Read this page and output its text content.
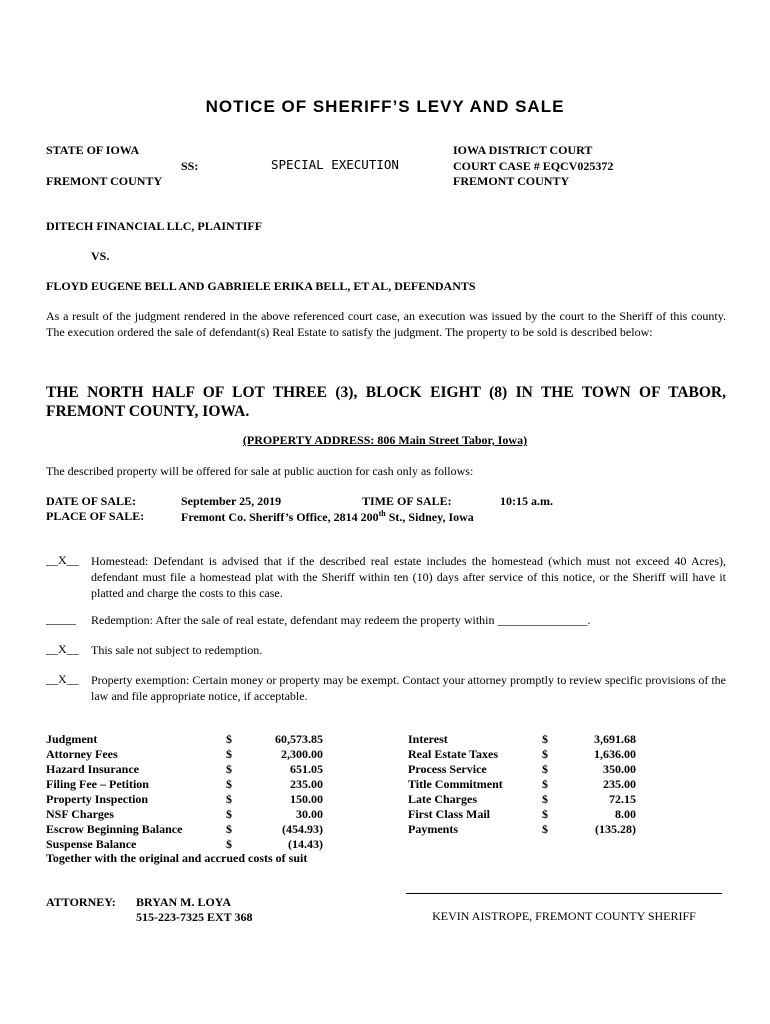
NOTICE OF SHERIFF’S LEVY AND SALE
STATE OF IOWA
SS:	SPECIAL EXECUTION
FREMONT COUNTY
IOWA DISTRICT COURT
COURT CASE # EQCV025372
FREMONT COUNTY
DITECH FINANCIAL LLC, PLAINTIFF
VS.
FLOYD EUGENE BELL AND GABRIELE ERIKA BELL, ET AL, DEFENDANTS
As a result of the judgment rendered in the above referenced court case, an execution was issued by the court to the Sheriff of this county. The execution ordered the sale of defendant(s) Real Estate to satisfy the judgment. The property to be sold is described below:
THE NORTH HALF OF LOT THREE (3), BLOCK EIGHT (8) IN THE TOWN OF TABOR, FREMONT COUNTY, IOWA.
(PROPERTY ADDRESS: 806 Main Street Tabor, Iowa)
The described property will be offered for sale at public auction for cash only as follows:
DATE OF SALE:	September 25, 2019	TIME OF SALE:	10:15 a.m.
PLACE OF SALE:	Fremont Co. Sheriff’s Office, 2814 200th St., Sidney, Iowa
__X__ Homestead: Defendant is advised that if the described real estate includes the homestead (which must not exceed 40 Acres), defendant must file a homestead plat with the Sheriff within ten (10) days after service of this notice, or the Sheriff will have it platted and charge the costs to this case.
_____	Redemption: After the sale of real estate, defendant may redeem the property within _______________.
__X__ This sale not subject to redemption.
__X__ Property exemption: Certain money or property may be exempt. Contact your attorney promptly to review specific provisions of the law and file appropriate notice, if acceptable.
Judgment	$	60,573.85
Attorney Fees	$	2,300.00
Hazard Insurance	$	651.05
Filing Fee – Petition	$	235.00
Property Inspection	$	150.00
NSF Charges	$	30.00
Escrow Beginning Balance	$	(454.93)
Suspense Balance	$	(14.43)
Interest	$	3,691.68
Real Estate Taxes	$	1,636.00
Process Service	$	350.00
Title Commitment	$	235.00
Late Charges	$	72.15
First Class Mail	$	8.00
Payments	$	(135.28)
Together with the original and accrued costs of suit
ATTORNEY: BRYAN M. LOYA
515-223-7325 EXT 368	KEVIN AISTROPE, FREMONT COUNTY SHERIFF
